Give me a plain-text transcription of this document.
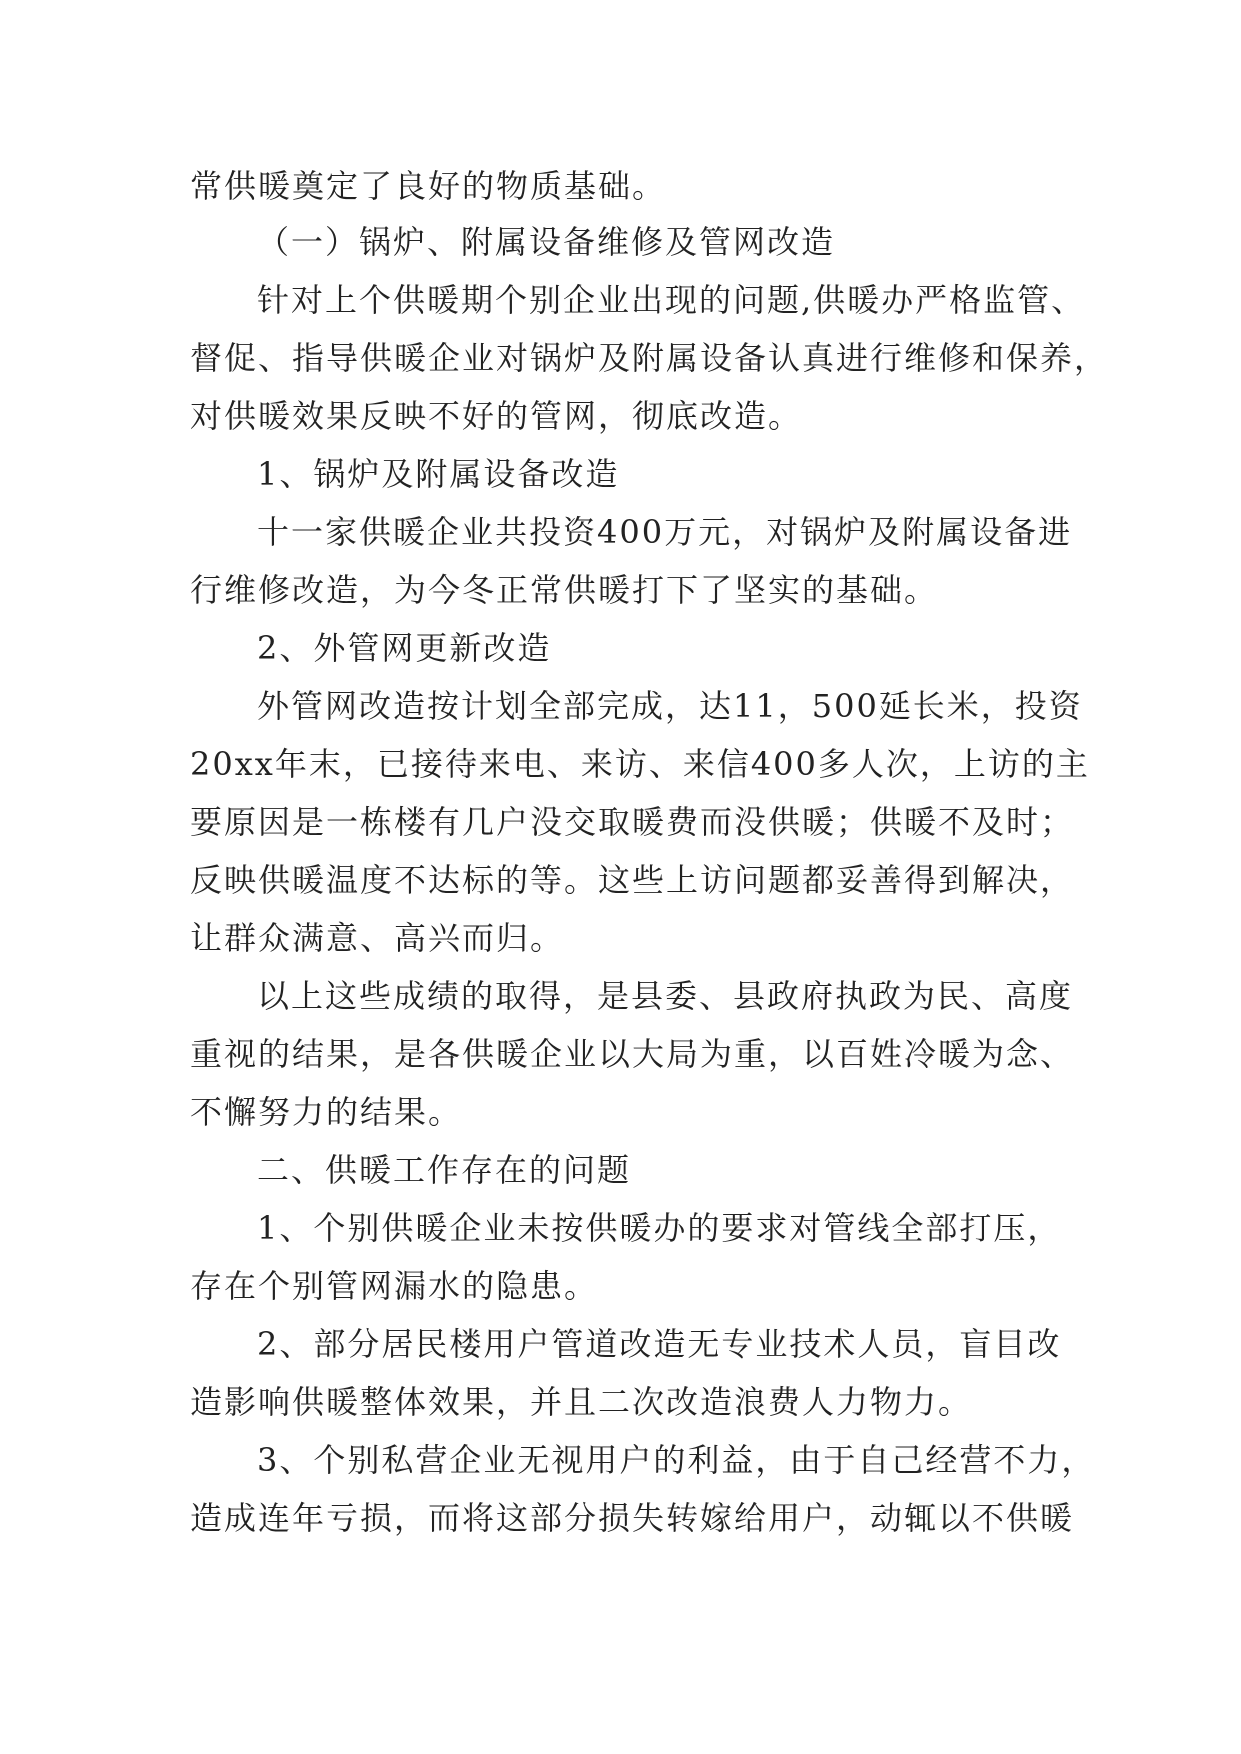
常供暖奠定了良好的物质基础。
（一）锅炉、附属设备维修及管网改造
针对上个供暖期个别企业出现的问题,供暖办严格监管、
督促、指导供暖企业对锅炉及附属设备认真进行维修和保养，
对供暖效果反映不好的管网，彻底改造。
1、锅炉及附属设备改造
十一家供暖企业共投资400万元，对锅炉及附属设备进
行维修改造，为今冬正常供暖打下了坚实的基础。
2、外管网更新改造
外管网改造按计划全部完成，达11，500延长米，投资
20xx年末，已接待来电、来访、来信400多人次，上访的主
要原因是一栋楼有几户没交取暖费而没供暖；供暖不及时；
反映供暖温度不达标的等。这些上访问题都妥善得到解决，
让群众满意、高兴而归。
以上这些成绩的取得，是县委、县政府执政为民、高度
重视的结果，是各供暖企业以大局为重，以百姓冷暖为念、
不懈努力的结果。
二、供暖工作存在的问题
1、个别供暖企业未按供暖办的要求对管线全部打压，
存在个别管网漏水的隐患。
2、部分居民楼用户管道改造无专业技术人员，盲目改
造影响供暖整体效果，并且二次改造浪费人力物力。
3、个别私营企业无视用户的利益，由于自己经营不力，
造成连年亏损，而将这部分损失转嫁给用户，动辄以不供暖
